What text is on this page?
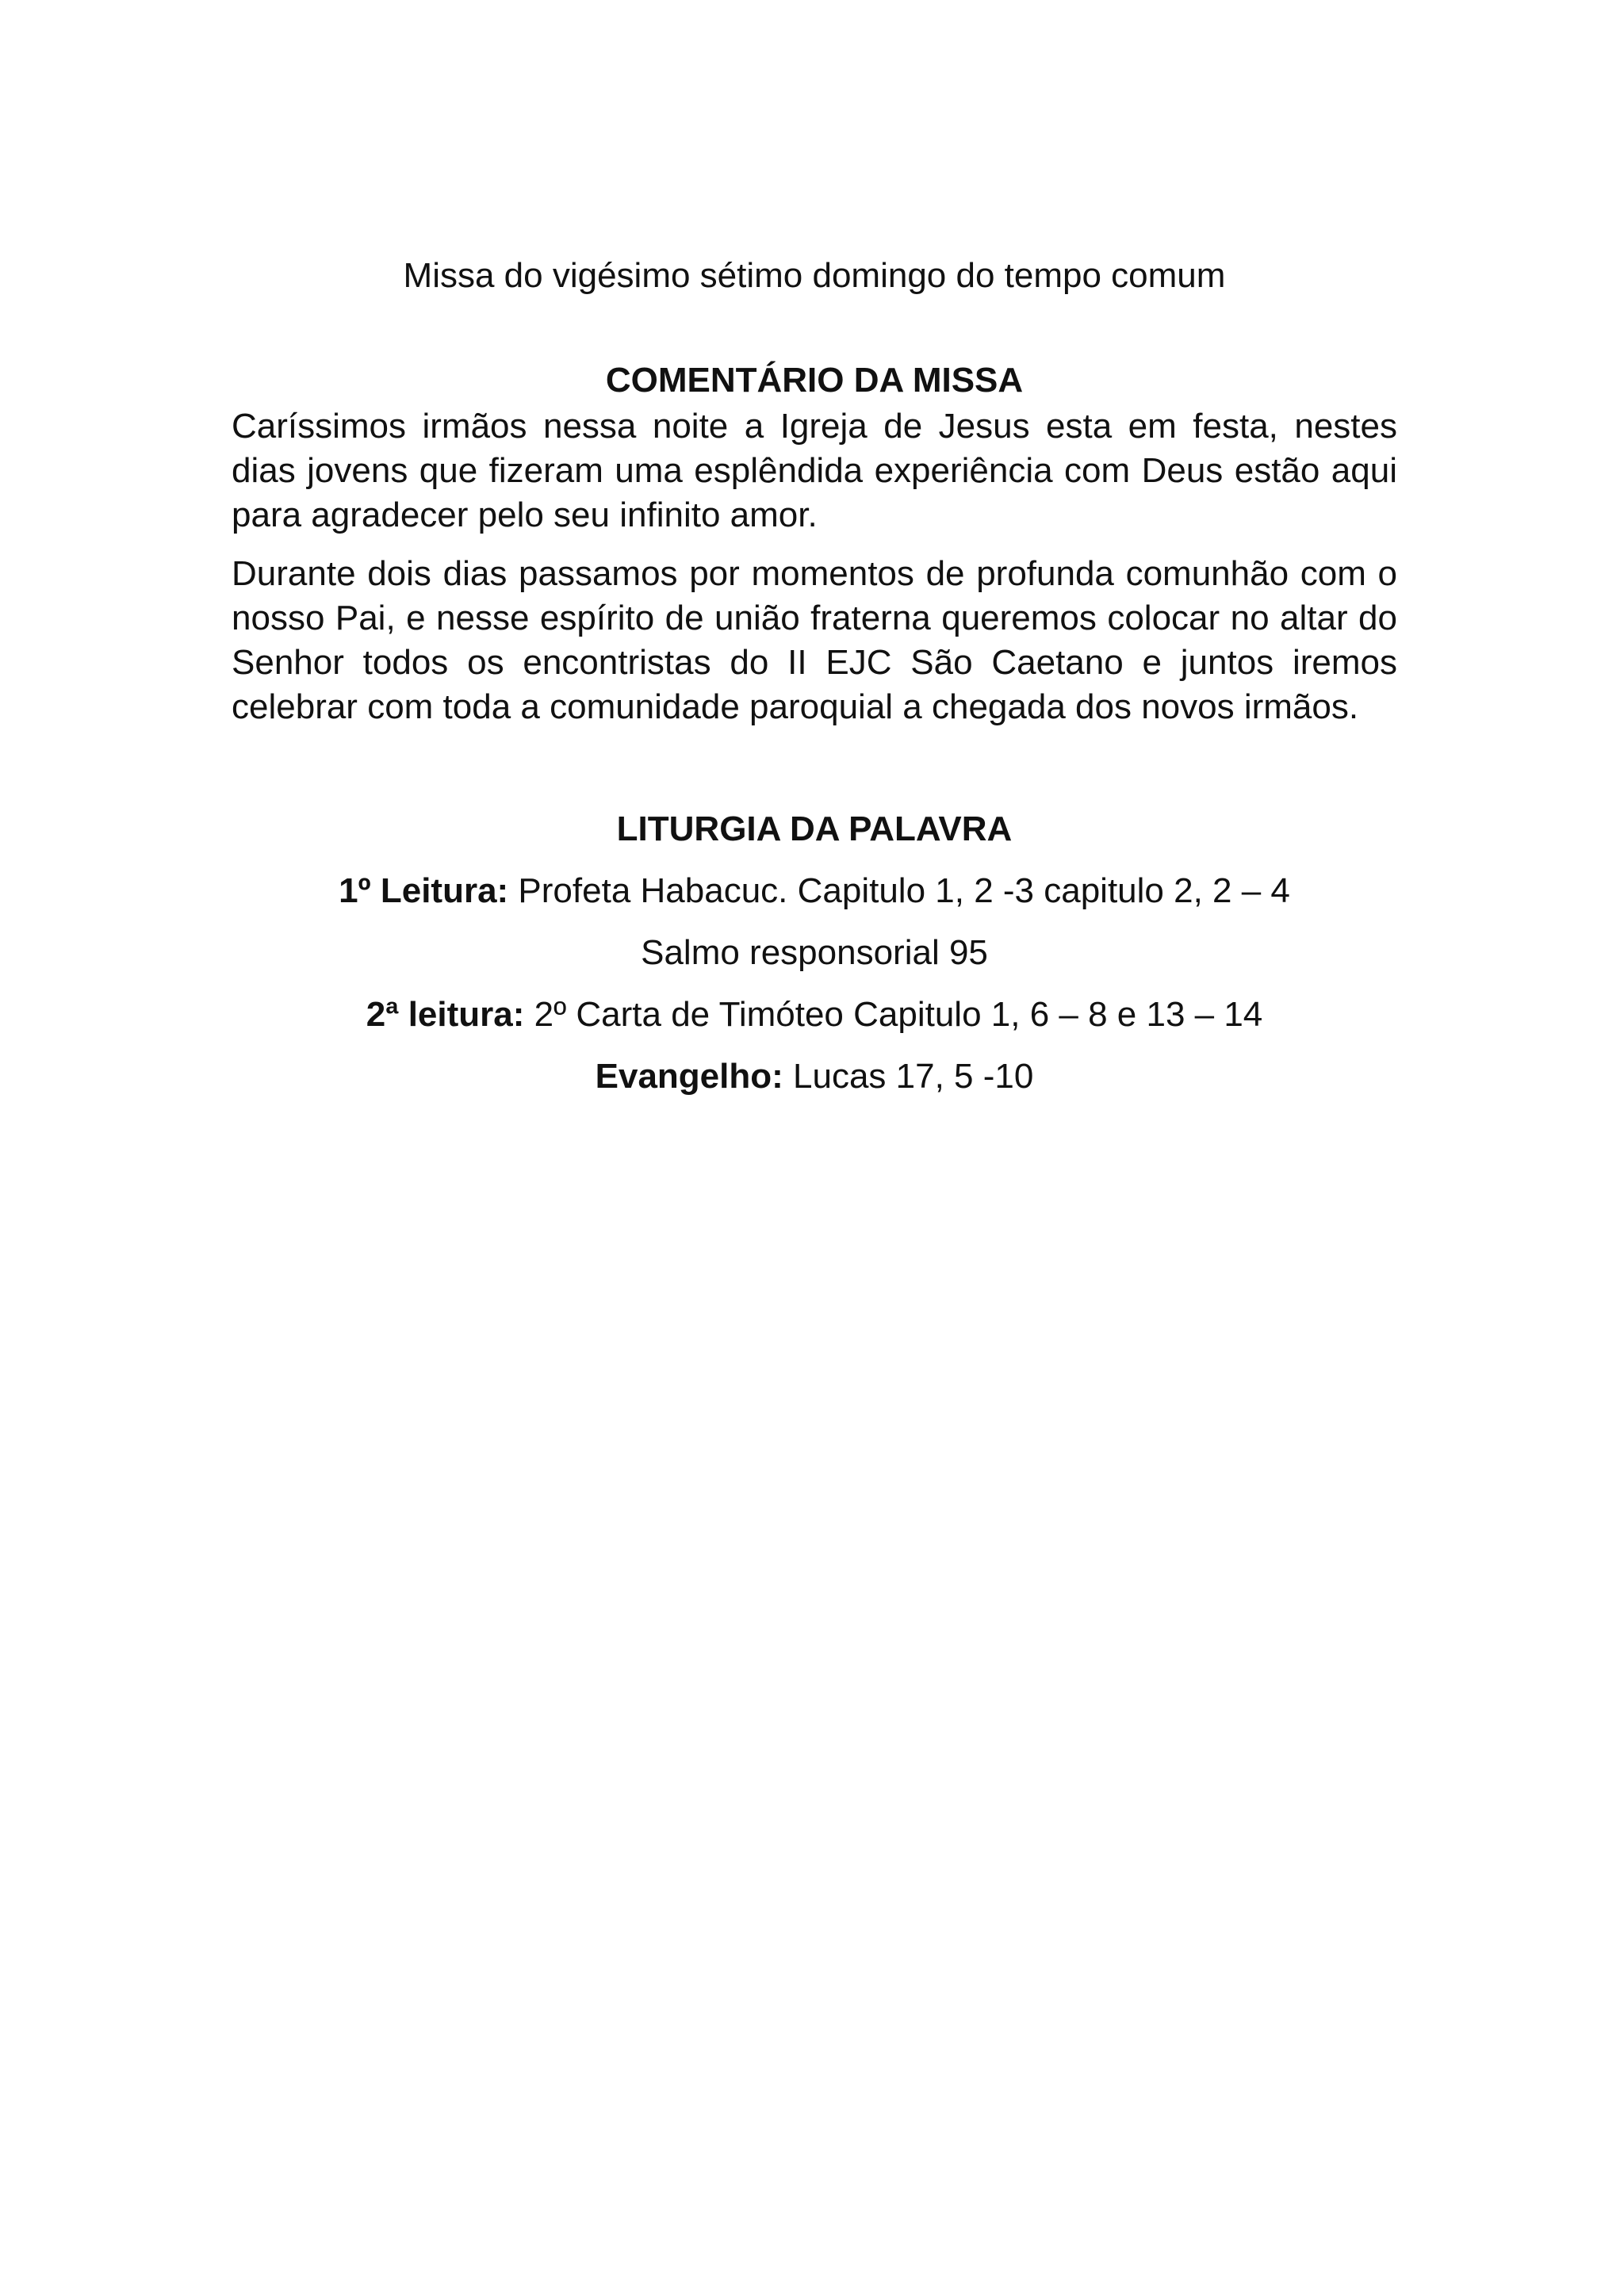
Missa do vigésimo sétimo domingo do tempo comum

COMENTÁRIO DA MISSA

Caríssimos irmãos nessa noite a Igreja de Jesus esta em festa, nestes dias jovens que fizeram uma esplêndida experiência com Deus estão aqui para agradecer pelo seu infinito amor.

Durante dois dias passamos por momentos de profunda comunhão com o nosso Pai, e nesse espírito de união fraterna queremos colocar no altar do Senhor todos os encontristas do II EJC São Caetano e juntos iremos celebrar com toda a comunidade paroquial a chegada dos novos irmãos.

LITURGIA DA PALAVRA

1º Leitura: Profeta Habacuc. Capitulo 1, 2 -3 capitulo 2, 2 – 4

Salmo responsorial 95

2ª leitura: 2º Carta de Timóteo Capitulo 1, 6 – 8 e 13 – 14

Evangelho: Lucas 17, 5 -10
